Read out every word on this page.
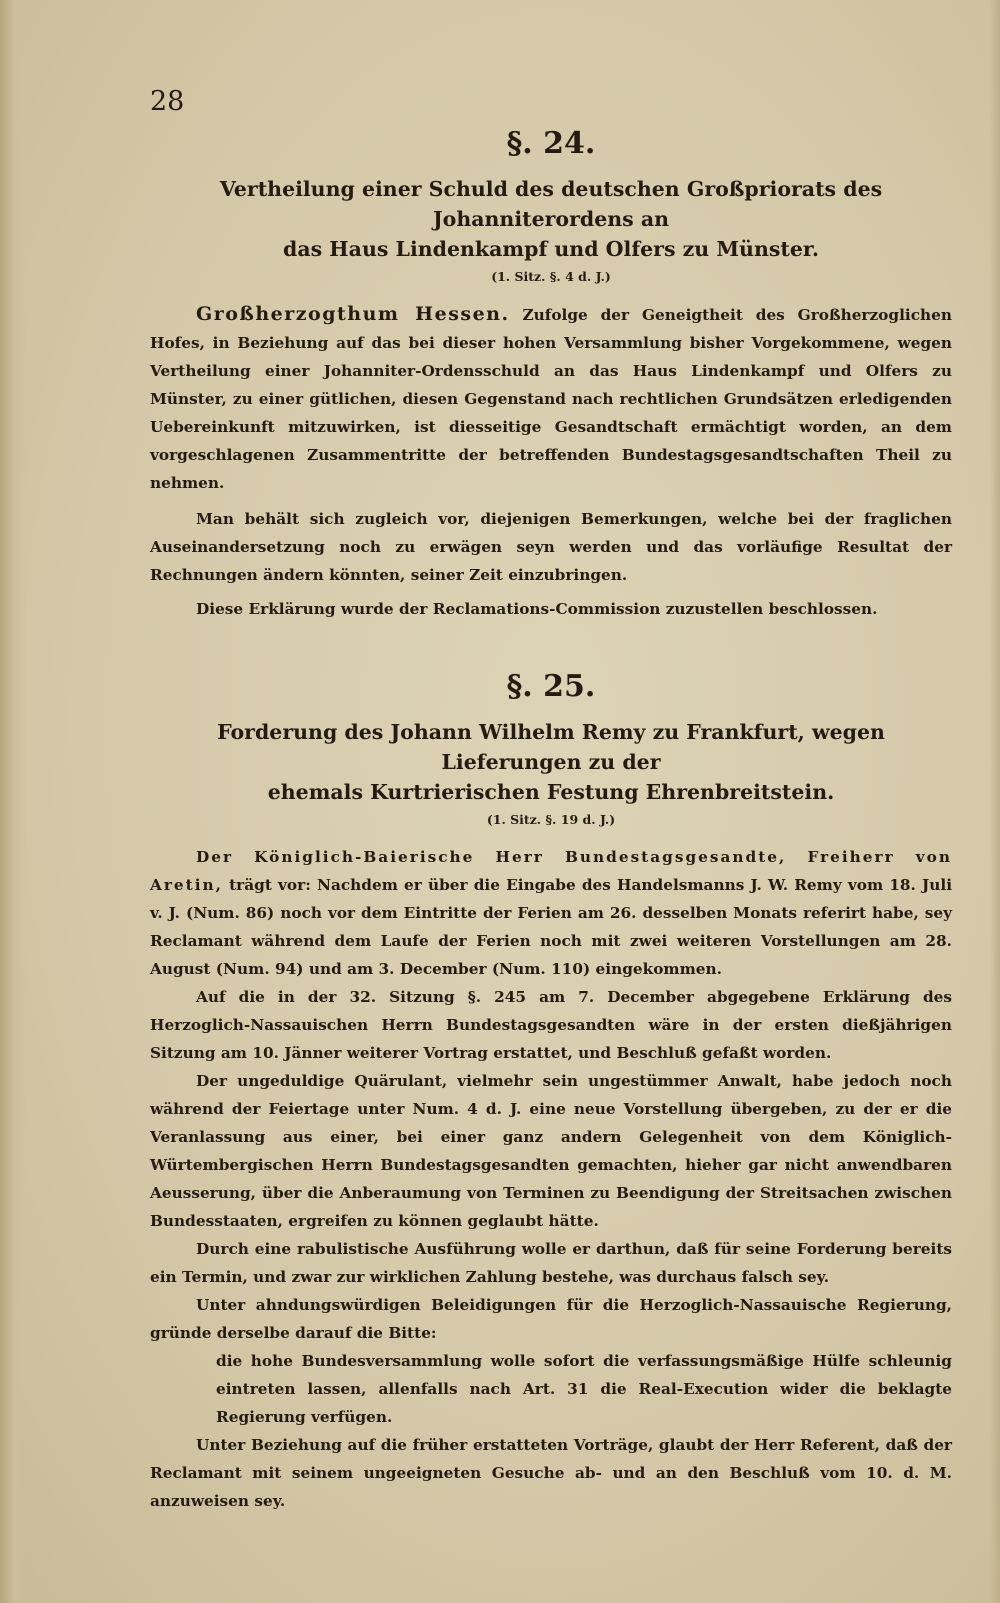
28
§. 24.
Vertheilung einer Schuld des deutschen Großpriorats des Johanniterordens an
das Haus Lindenkampf und Olfers zu Münster.
(1. Sitz. §. 4 d. J.)

Großherzogthum Hessen. Zufolge der Geneigtheit des Großherzoglichen Hofes, in Beziehung auf das bei dieser hohen Versammlung bisher Vorgekommene, wegen Vertheilung einer Johanniter-Ordensschuld an das Haus Lindenkampf und Olfers zu Münster, zu einer gütlichen, diesen Gegenstand nach rechtlichen Grundsätzen erledigenden Uebereinkunft mitzuwirken, ist diesseitige Gesandtschaft ermächtigt worden, an dem vorgeschlagenen Zusammentritte der betreffenden Bundestagsgesandtschaften Theil zu nehmen.

Man behält sich zugleich vor, diejenigen Bemerkungen, welche bei der fraglichen Auseinandersetzung noch zu erwägen seyn werden und das vorläufige Resultat der Rechnungen ändern könnten, seiner Zeit einzubringen.

Diese Erklärung wurde der Reclamations-Commission zuzustellen beschlossen.

§. 25.
Forderung des Johann Wilhelm Remy zu Frankfurt, wegen Lieferungen zu der
ehemals Kurtrierischen Festung Ehrenbreitstein.
(1. Sitz. §. 19 d. J.)

Der Königlich-Baierische Herr Bundestagsgesandte, Freiherr von Aretin, trägt vor: Nachdem er über die Eingabe des Handelsmanns J. W. Remy vom 18. Juli v. J. (Num. 86) noch vor dem Eintritte der Ferien am 26. desselben Monats referirt habe, sey Reclamant während dem Laufe der Ferien noch mit zwei weiteren Vorstellungen am 28. August (Num. 94) und am 3. December (Num. 110) eingekommen.

Auf die in der 32. Sitzung §. 245 am 7. December abgegebene Erklärung des Herzoglich-Nassauischen Herrn Bundestagsgesandten wäre in der ersten dießjährigen Sitzung am 10. Jänner weiterer Vortrag erstattet, und Beschluß gefaßt worden.

Der ungeduldige Quärulant, vielmehr sein ungestümmer Anwalt, habe jedoch noch während der Feiertage unter Num. 4 d. J. eine neue Vorstellung übergeben, zu der er die Veranlassung aus einer, bei einer ganz andern Gelegenheit von dem Königlich-Würtembergischen Herrn Bundestagsgesandten gemachten, hieher gar nicht anwendbaren Aeusserung, über die Anberaumung von Terminen zu Beendigung der Streitsachen zwischen Bundesstaaten, ergreifen zu können geglaubt hätte.

Durch eine rabulistische Ausführung wolle er darthun, daß für seine Forderung bereits ein Termin, und zwar zur wirklichen Zahlung bestehe, was durchaus falsch sey.

Unter ahndungswürdigen Beleidigungen für die Herzoglich-Nassauische Regierung, gründe derselbe darauf die Bitte:

die hohe Bundesversammlung wolle sofort die verfassungsmäßige Hülfe schleunig eintreten lassen, allenfalls nach Art. 31 die Real-Execution wider die beklagte Regierung verfügen.

Unter Beziehung auf die früher erstatteten Vorträge, glaubt der Herr Referent, daß der Reclamant mit seinem ungeeigneten Gesuche ab- und an den Beschluß vom 10. d. M. anzuweisen sey.
